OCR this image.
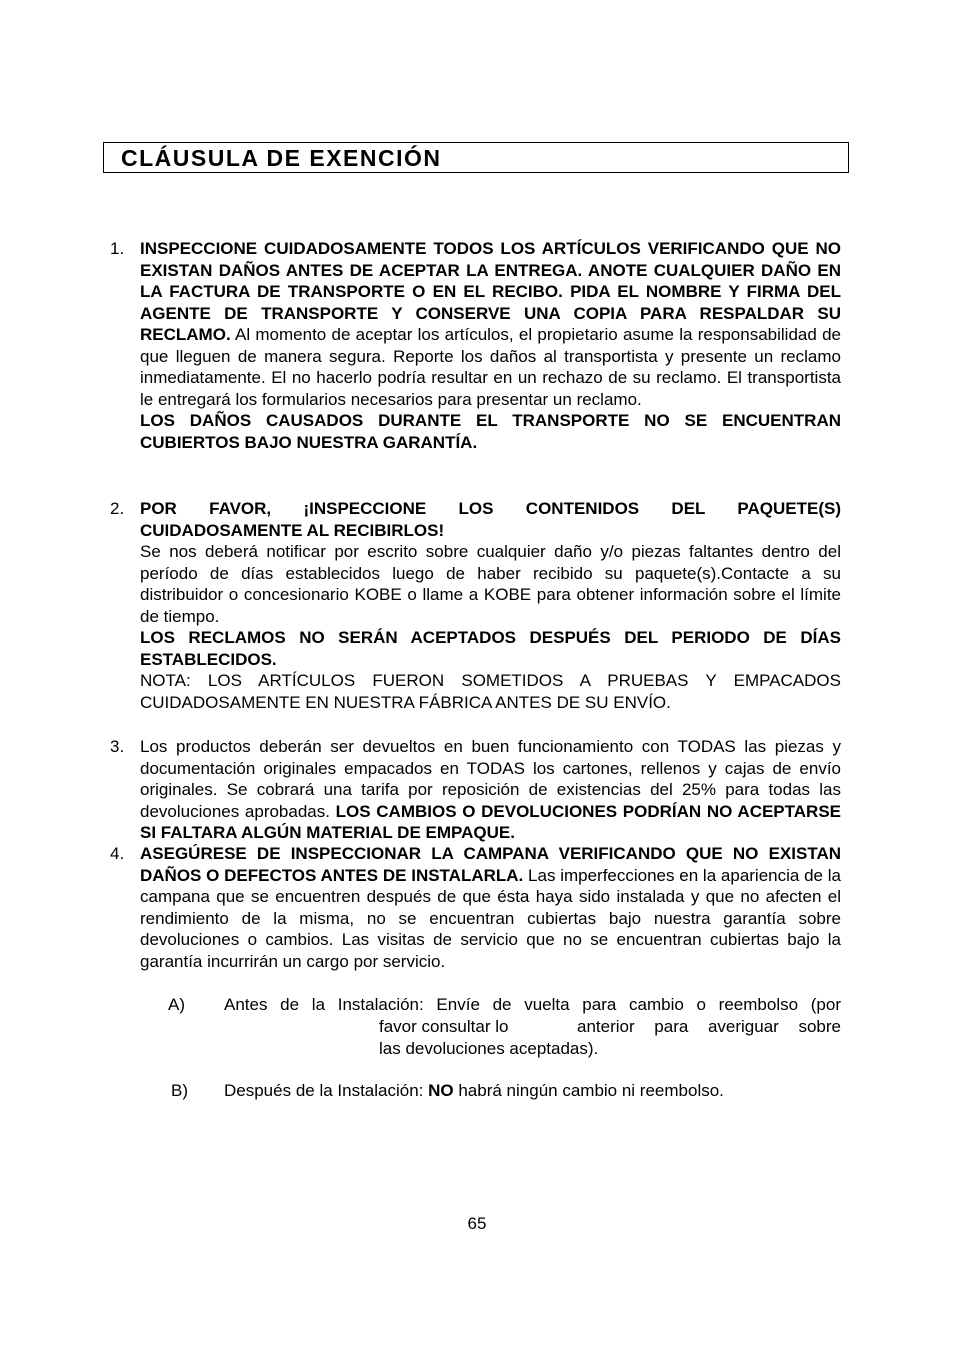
CLÁUSULA DE EXENCIÓN
1. INSPECCIONE CUIDADOSAMENTE TODOS LOS ARTÍCULOS VERIFICANDO QUE NO EXISTAN DAÑOS ANTES DE ACEPTAR LA ENTREGA. ANOTE CUALQUIER DAÑO EN LA FACTURA DE TRANSPORTE O EN EL RECIBO. PIDA EL NOMBRE Y FIRMA DEL AGENTE DE TRANSPORTE Y CONSERVE UNA COPIA PARA RESPALDAR SU RECLAMO. Al momento de aceptar los artículos, el propietario asume la responsabilidad de que lleguen de manera segura. Reporte los daños al transportista y presente un reclamo inmediatamente. El no hacerlo podría resultar en un rechazo de su reclamo. El transportista le entregará los formularios necesarios para presentar un reclamo.
LOS DAÑOS CAUSADOS DURANTE EL TRANSPORTE NO SE ENCUENTRAN CUBIERTOS BAJO NUESTRA GARANTÍA.
2. POR FAVOR, ¡INSPECCIONE LOS CONTENIDOS DEL PAQUETE(S) CUIDADOSAMENTE AL RECIBIRLOS!
Se nos deberá notificar por escrito sobre cualquier daño y/o piezas faltantes dentro del período de días establecidos luego de haber recibido su paquete(s).Contacte a su distribuidor o concesionario KOBE o llame a KOBE para obtener información sobre el límite de tiempo.
LOS RECLAMOS NO SERÁN ACEPTADOS DESPUÉS DEL PERIODO DE DÍAS ESTABLECIDOS.
NOTA: LOS ARTÍCULOS FUERON SOMETIDOS A PRUEBAS Y EMPACADOS CUIDADOSAMENTE EN NUESTRA FÁBRICA ANTES DE SU ENVÍO.
3. Los productos deberán ser devueltos en buen funcionamiento con TODAS las piezas y documentación originales empacados en TODAS los cartones, rellenos y cajas de envío originales. Se cobrará una tarifa por reposición de existencias del 25% para todas las devoluciones aprobadas. LOS CAMBIOS O DEVOLUCIONES PODRÍAN NO ACEPTARSE SI FALTARA ALGÚN MATERIAL DE EMPAQUE.
4. ASEGÚRESE DE INSPECCIONAR LA CAMPANA VERIFICANDO QUE NO EXISTAN DAÑOS O DEFECTOS ANTES DE INSTALARLA. Las imperfecciones en la apariencia de la campana que se encuentren después de que ésta haya sido instalada y que no afecten el rendimiento de la misma, no se encuentran cubiertas bajo nuestra garantía sobre devoluciones o cambios. Las visitas de servicio que no se encuentran cubiertas bajo la garantía incurrirán un cargo por servicio.
A) Antes de la Instalación: Envíe de vuelta para cambio o reembolso (por
favor consultar lo	anterior para averiguar sobre
las devoluciones aceptadas).
B) Después de la Instalación: NO habrá ningún cambio ni reembolso.
65
